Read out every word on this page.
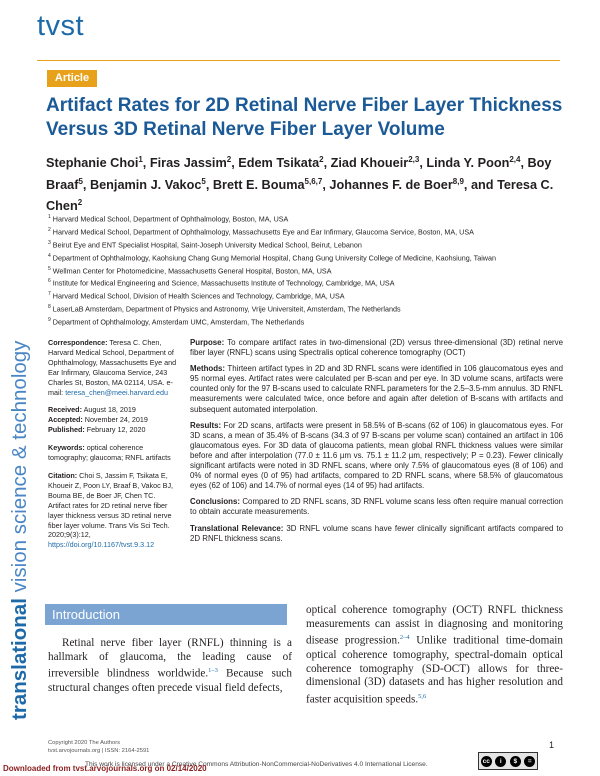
tvst
Article
Artifact Rates for 2D Retinal Nerve Fiber Layer Thickness Versus 3D Retinal Nerve Fiber Layer Volume
Stephanie Choi$^1$, Firas Jassim$^2$, Edem Tsikata$^2$, Ziad Khoueir$^{2,3}$, Linda Y. Poon$^{2,4}$, Boy Braaf$^5$, Benjamin J. Vakoc$^5$, Brett E. Bouma$^{5,6,7}$, Johannes F. de Boer$^{8,9}$, and Teresa C. Chen$^2$
$^1$ Harvard Medical School, Department of Ophthalmology, Boston, MA, USA
$^2$ Harvard Medical School, Department of Ophthalmology, Massachusetts Eye and Ear Infirmary, Glaucoma Service, Boston, MA, USA
$^3$ Beirut Eye and ENT Specialist Hospital, Saint-Joseph University Medical School, Beirut, Lebanon
$^4$ Department of Ophthalmology, Kaohsiung Chang Gung Memorial Hospital, Chang Gung University College of Medicine, Kaohsiung, Taiwan
$^5$ Wellman Center for Photomedicine, Massachusetts General Hospital, Boston, MA, USA
$^6$ Institute for Medical Engineering and Science, Massachusetts Institute of Technology, Cambridge, MA, USA
$^7$ Harvard Medical School, Division of Health Sciences and Technology, Cambridge, MA, USA
$^8$ LaserLaB Amsterdam, Department of Physics and Astronomy, Vrije Universiteit, Amsterdam, The Netherlands
$^9$ Department of Ophthalmology, Amsterdam UMC, Amsterdam, The Netherlands
translational vision science & technology Correspondence: Teresa C. Chen, Harvard Medical School, Department of Ophthalmology, Massachusetts Eye and Ear Infirmary, Glaucoma Service, 243 Charles St, Boston, MA 02114, USA. e-mail: teresa_chen@meei.harvard.edu
Received: August 18, 2019
Accepted: November 24, 2019
Published: February 12, 2020
Keywords: optical coherence tomography; glaucoma; RNFL artifacts
Citation: Choi S, Jassim F, Tsikata E, Khoueir Z, Poon LY, Braaf B, Vakoc BJ, Bouma BE, de Boer JF, Chen TC. Artifact rates for 2D retinal nerve fiber layer thickness versus 3D retinal nerve fiber layer volume. Trans Vis Sci Tech. 2020;9(3):12, https://doi.org/10.1167/tvst.9.3.12

Purpose: To compare artifact rates in two-dimensional (2D) versus three-dimensional (3D) retinal nerve fiber layer (RNFL) scans using Spectralis optical coherence tomography (OCT)

Methods: Thirteen artifact types in 2D and 3D RNFL scans were identified in 106 glaucomatous eyes and 95 normal eyes. Artifact rates were calculated per B-scan and per eye. In 3D volume scans, artifacts were counted only for the 97 B-scans used to calculate RNFL parameters for the 2.5–3.5-mm annulus. 3D RNFL measurements were calculated twice, once before and again after deletion of B-scans with artifacts and subsequent automated interpolation.

Results: For 2D scans, artifacts were present in 58.5% of B-scans (62 of 106) in glaucomatous eyes. For 3D scans, a mean of 35.4% of B-scans (34.3 of 97 B-scans per volume scan) contained an artifact in 106 glaucomatous eyes. For 3D data of glaucoma patients, mean global RNFL thickness values were similar before and after interpolation (77.0 ± 11.6 µm vs. 75.1 ± 11.2 µm, respectively; P = 0.23). Fewer clinically significant artifacts were noted in 3D RNFL scans, where only 7.5% of glaucomatous eyes (8 of 106) and 0% of normal eyes (0 of 95) had artifacts, compared to 2D RNFL scans, where 58.5% of glaucomatous eyes (62 of 106) and 14.7% of normal eyes (14 of 95) had artifacts.

Conclusions: Compared to 2D RNFL scans, 3D RNFL volume scans less often require manual correction to obtain accurate measurements.

Translational Relevance: 3D RNFL volume scans have fewer clinically significant artifacts compared to 2D RNFL thickness scans.

Introduction
Retinal nerve fiber layer (RNFL) thinning is a hallmark of glaucoma, the leading cause of irreversible blindness worldwide.$^{1-3}$ Because such structural changes often precede visual field defects,
optical coherence tomography (OCT) RNFL thickness measurements can assist in diagnosing and monitoring disease progression.$^{2-4}$ Unlike traditional time-domain optical coherence tomography, spectral-domain optical coherence tomography (SD-OCT) allows for three-dimensional (3D) datasets and has higher resolution and faster acquisition speeds.$^{5,6}$
Copyright 2020 The Authors
tvst.arvojournals.org | ISSN: 2164-2591
1
This work is licensed under a Creative Commons Attribution-NonCommercial-NoDerivatives 4.0 International License.	cc	i	$	=
Downloaded from tvst.arvojournals.org on 02/14/2020
